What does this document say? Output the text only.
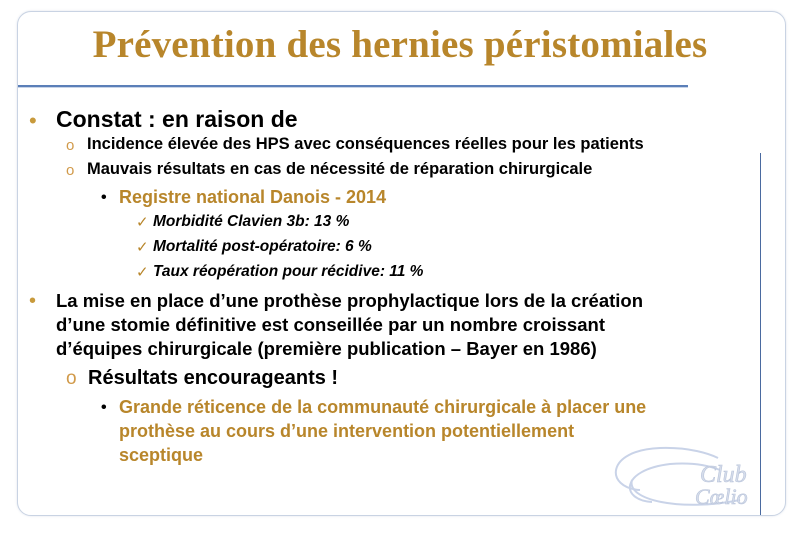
Prévention des hernies péristomiales
• Constat : en raison de
o Incidence élevée des HPS avec conséquences réelles pour les patients
o Mauvais résultats en cas de nécessité de réparation chirurgicale
• Registre national Danois - 2014
✓ Morbidité Clavien 3b: 13 %
✓ Mortalité post-opératoire: 6 %
✓ Taux réopération pour récidive: 11 %
• La mise en place d’une prothèse prophylactique lors de la création
d’une stomie définitive est conseillée par un nombre croissant
d’équipes chirurgicale (première publication – Bayer en 1986)
o Résultats encourageants !
• Grande réticence de la communauté chirurgicale à placer une
prothèse au cours d’une intervention potentiellement
sceptique
Club
Cœlio
